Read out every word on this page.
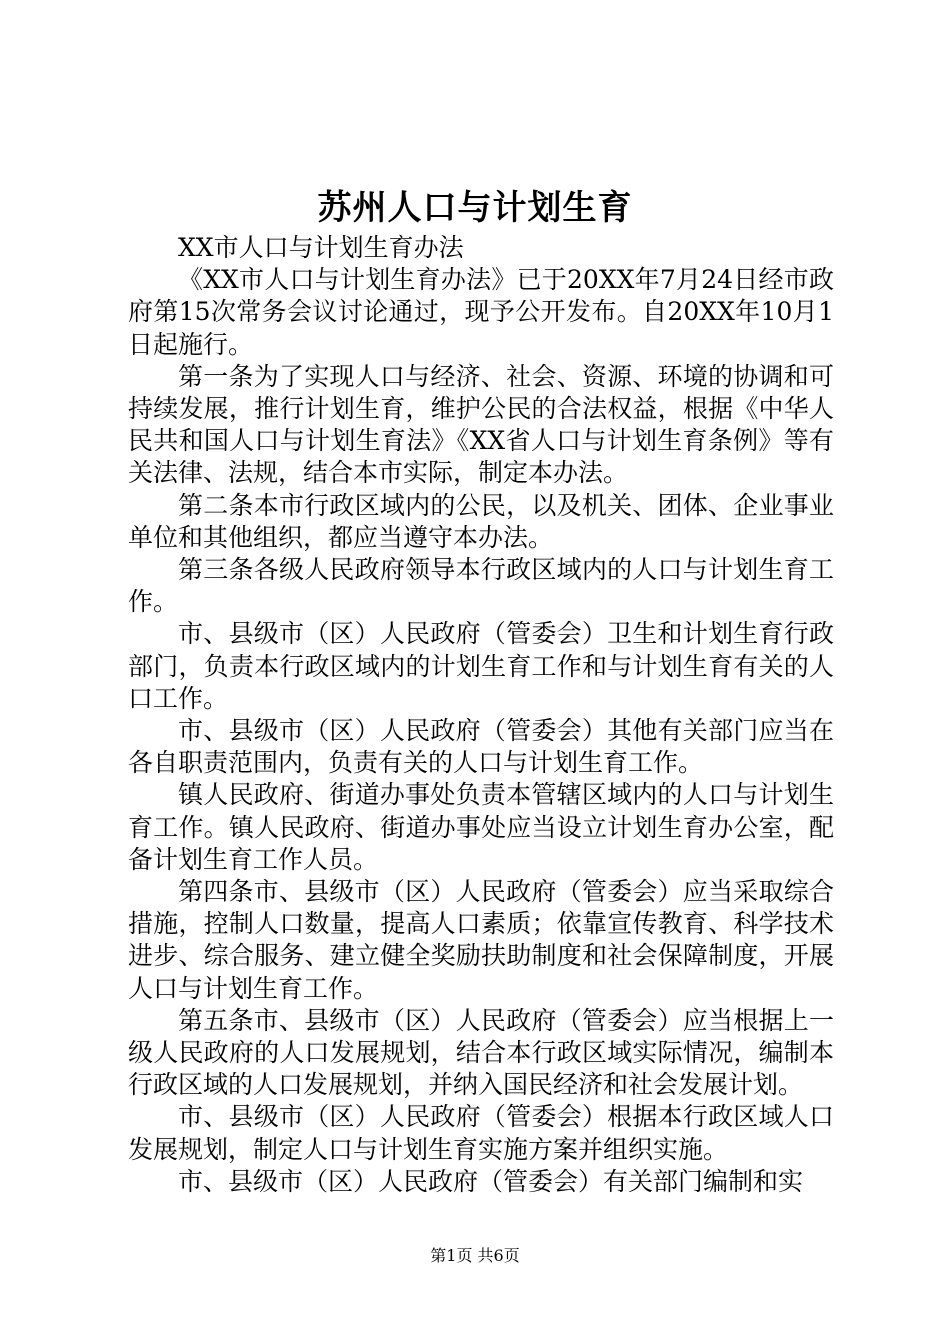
苏州人口与计划生育

XX市人口与计划生育办法

《XX市人口与计划生育办法》已于20XX年7月24日经市政府第15次常务会议讨论通过，现予公开发布。自20XX年10月1日起施行。

第一条为了实现人口与经济、社会、资源、环境的协调和可持续发展，推行计划生育，维护公民的合法权益，根据《中华人民共和国人口与计划生育法》《XX省人口与计划生育条例》等有关法律、法规，结合本市实际，制定本办法。

第二条本市行政区域内的公民，以及机关、团体、企业事业单位和其他组织，都应当遵守本办法。

第三条各级人民政府领导本行政区域内的人口与计划生育工作。

市、县级市（区）人民政府（管委会）卫生和计划生育行政部门，负责本行政区域内的计划生育工作和与计划生育有关的人口工作。

市、县级市（区）人民政府（管委会）其他有关部门应当在各自职责范围内，负责有关的人口与计划生育工作。

镇人民政府、街道办事处负责本管辖区域内的人口与计划生育工作。镇人民政府、街道办事处应当设立计划生育办公室，配备计划生育工作人员。

第四条市、县级市（区）人民政府（管委会）应当采取综合措施，控制人口数量，提高人口素质；依靠宣传教育、科学技术进步、综合服务、建立健全奖励扶助制度和社会保障制度，开展人口与计划生育工作。

第五条市、县级市（区）人民政府（管委会）应当根据上一级人民政府的人口发展规划，结合本行政区域实际情况，编制本行政区域的人口发展规划，并纳入国民经济和社会发展计划。

市、县级市（区）人民政府（管委会）根据本行政区域人口发展规划，制定人口与计划生育实施方案并组织实施。

市、县级市（区）人民政府（管委会）有关部门编制和实

第1页 共6页
